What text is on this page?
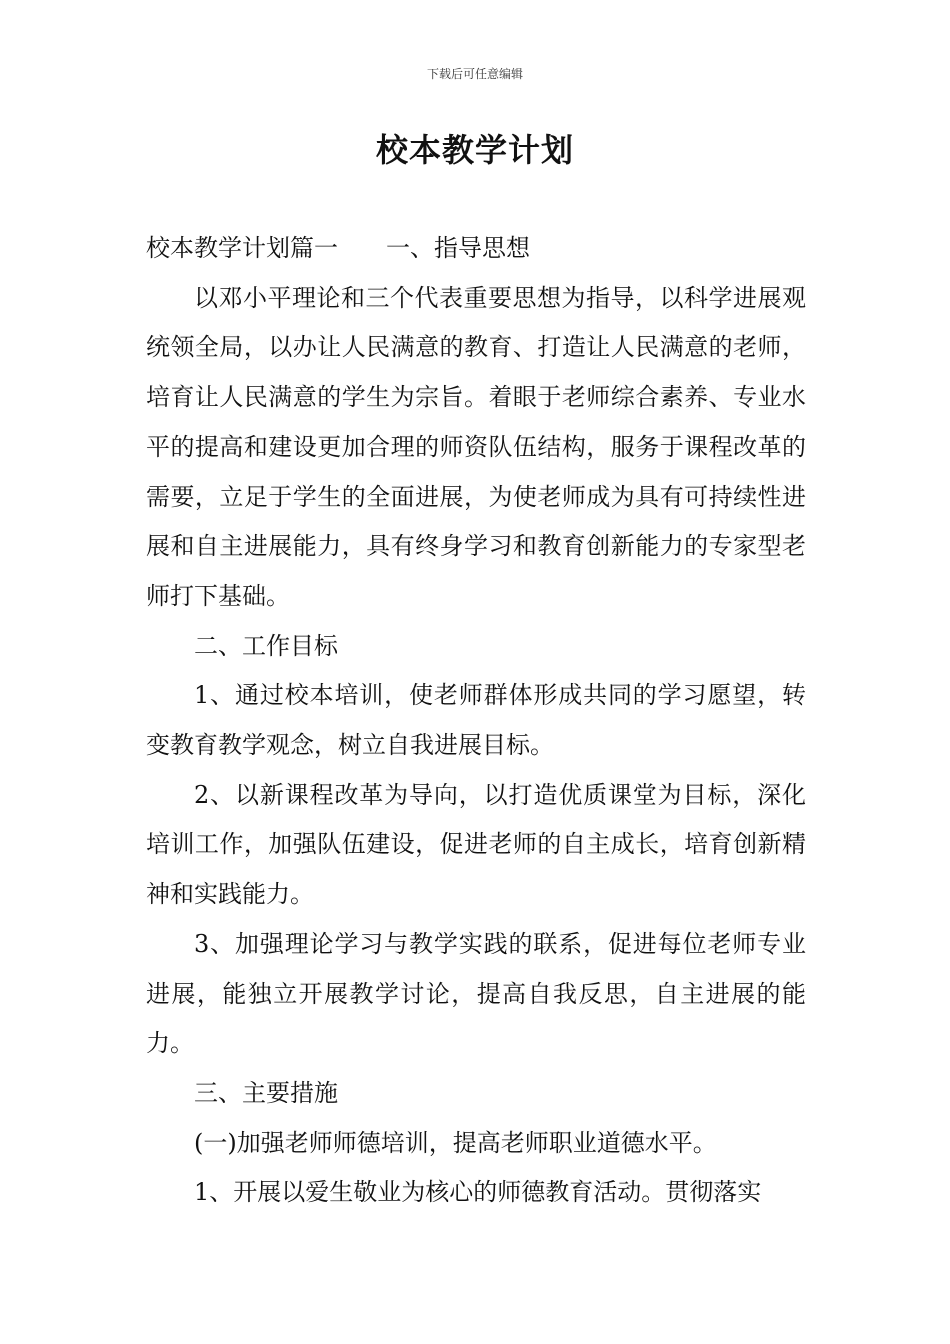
下载后可任意编辑
校本教学计划

校本教学计划篇一 一、指导思想

以邓小平理论和三个代表重要思想为指导，以科学进展观统领全局，以办让人民满意的教育、打造让人民满意的老师，培育让人民满意的学生为宗旨。着眼于老师综合素养、专业水平的提高和建设更加合理的师资队伍结构，服务于课程改革的需要，立足于学生的全面进展，为使老师成为具有可持续性进展和自主进展能力，具有终身学习和教育创新能力的专家型老师打下基础。

二、工作目标

1、通过校本培训，使老师群体形成共同的学习愿望，转变教育教学观念，树立自我进展目标。

2、以新课程改革为导向，以打造优质课堂为目标，深化培训工作，加强队伍建设，促进老师的自主成长，培育创新精神和实践能力。

3、加强理论学习与教学实践的联系，促进每位老师专业进展，能独立开展教学讨论，提高自我反思，自主进展的能力。

三、主要措施

(一)加强老师师德培训，提高老师职业道德水平。

1、开展以爱生敬业为核心的师德教育活动。贯彻落实
